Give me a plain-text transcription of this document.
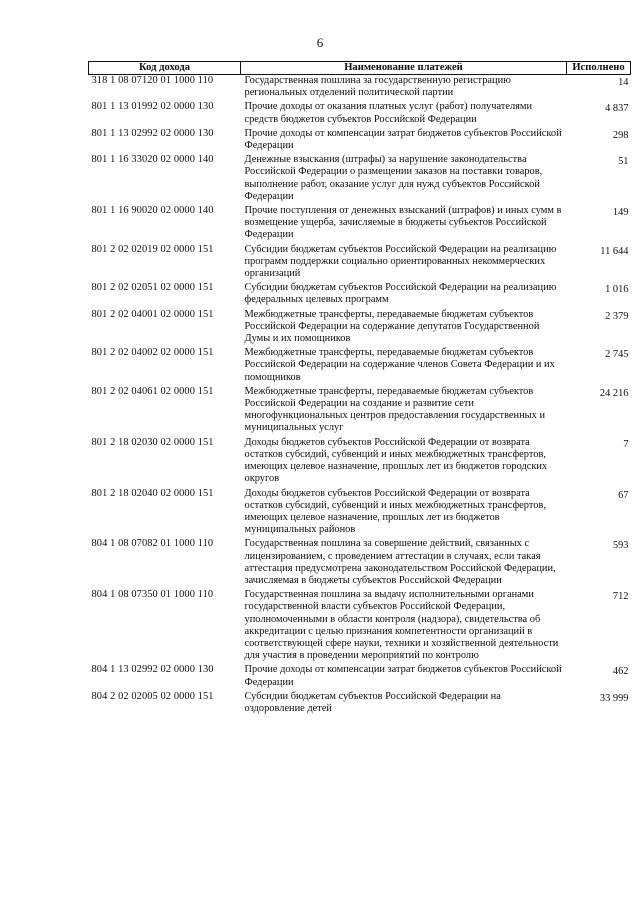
6
Код дохода	Наименование платежей	Исполнено
318 1 08 07120 01 1000 110	Государственная пошлина за государственную регистрацию региональных отделений политической партии	14
801 1 13 01992 02 0000 130	Прочие доходы от оказания платных услуг (работ) получателями средств бюджетов субъектов Российской Федерации	4 837
801 1 13 02992 02 0000 130	Прочие доходы от компенсации затрат бюджетов субъектов Российской Федерации	298
801 1 16 33020 02 0000 140	Денежные взыскания (штрафы) за нарушение законодательства Российской Федерации о размещении заказов на поставки товаров, выполнение работ, оказание услуг для нужд субъектов Российской Федерации	51
801 1 16 90020 02 0000 140	Прочие поступления от денежных взысканий (штрафов) и иных сумм в возмещение ущерба, зачисляемые в бюджеты субъектов Российской Федерации	149
801 2 02 02019 02 0000 151	Субсидии бюджетам субъектов Российской Федерации на реализацию программ поддержки социально ориентированных некоммерческих организаций	11 644
801 2 02 02051 02 0000 151	Субсидии бюджетам субъектов Российской Федерации на реализацию федеральных целевых программ	1 016
801 2 02 04001 02 0000 151	Межбюджетные трансферты, передаваемые бюджетам субъектов Российской Федерации на содержание депутатов Государственной Думы и их помощников	2 379
801 2 02 04002 02 0000 151	Межбюджетные трансферты, передаваемые бюджетам субъектов Российской Федерации на содержание членов Совета Федерации и их помощников	2 745
801 2 02 04061 02 0000 151	Межбюджетные трансферты, передаваемые бюджетам субъектов Российской Федерации на создание и развитие сети многофункциональных центров предоставления государственных и муниципальных услуг	24 216
801 2 18 02030 02 0000 151	Доходы бюджетов субъектов Российской Федерации от возврата остатков субсидий, субвенций и иных межбюджетных трансфертов, имеющих целевое назначение, прошлых лет из бюджетов городских округов	7
801 2 18 02040 02 0000 151	Доходы бюджетов субъектов Российской Федерации от возврата остатков субсидий, субвенций и иных межбюджетных трансфертов, имеющих целевое назначение, прошлых лет из бюджетов муниципальных районов	67
804 1 08 07082 01 1000 110	Государственная пошлина за совершение действий, связанных с лицензированием, с проведением аттестации в случаях, если такая аттестация предусмотрена законодательством Российской Федерации, зачисляемая в бюджеты субъектов Российской Федерации	593
804 1 08 07350 01 1000 110	Государственная пошлина за выдачу исполнительными органами государственной власти субъектов Российской Федерации, уполномоченными в области контроля (надзора), свидетельства об аккредитации с целью признания компетентности организаций в соответствующей сфере науки, техники и хозяйственной деятельности для участия в проведении мероприятий по контролю	712
804 1 13 02992 02 0000 130	Прочие доходы от компенсации затрат бюджетов субъектов Российской Федерации	462
804 2 02 02005 02 0000 151	Субсидии бюджетам субъектов Российской Федерации на оздоровление детей	33 999
